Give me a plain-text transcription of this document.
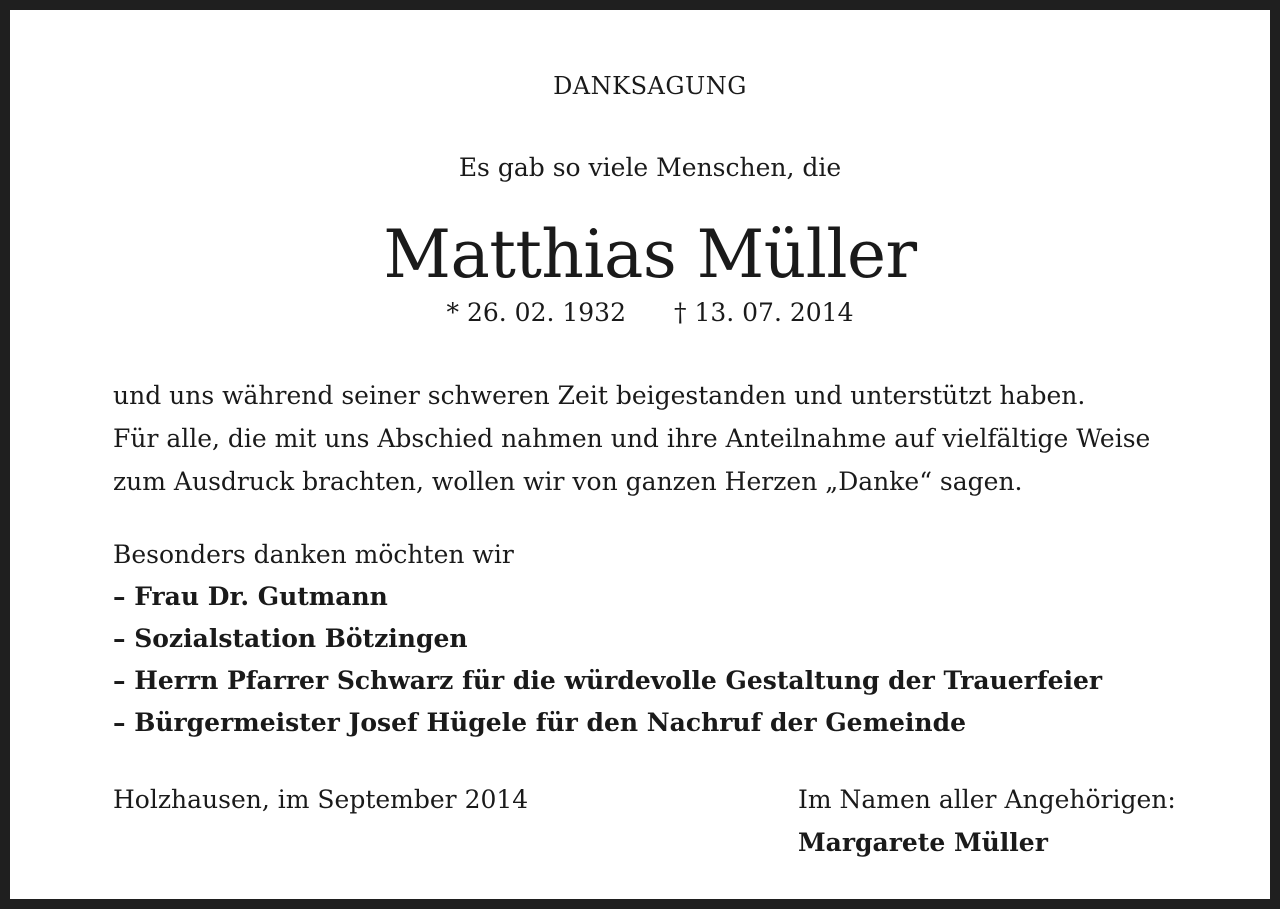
DANKSAGUNG
Es gab so viele Menschen, die
Matthias Müller
* 26. 02. 1932 † 13. 07. 2014
und uns während seiner schweren Zeit beigestanden und unterstützt haben.
Für alle, die mit uns Abschied nahmen und ihre Anteilnahme auf vielfältige Weise
zum Ausdruck brachten, wollen wir von ganzen Herzen „Danke“ sagen.
Besonders danken möchten wir
– Frau Dr. Gutmann
– Sozialstation Bötzingen
– Herrn Pfarrer Schwarz für die würdevolle Gestaltung der Trauerfeier
– Bürgermeister Josef Hügele für den Nachruf der Gemeinde
Holzhausen, im September 2014	Im Namen aller Angehörigen:
Margarete Müller
